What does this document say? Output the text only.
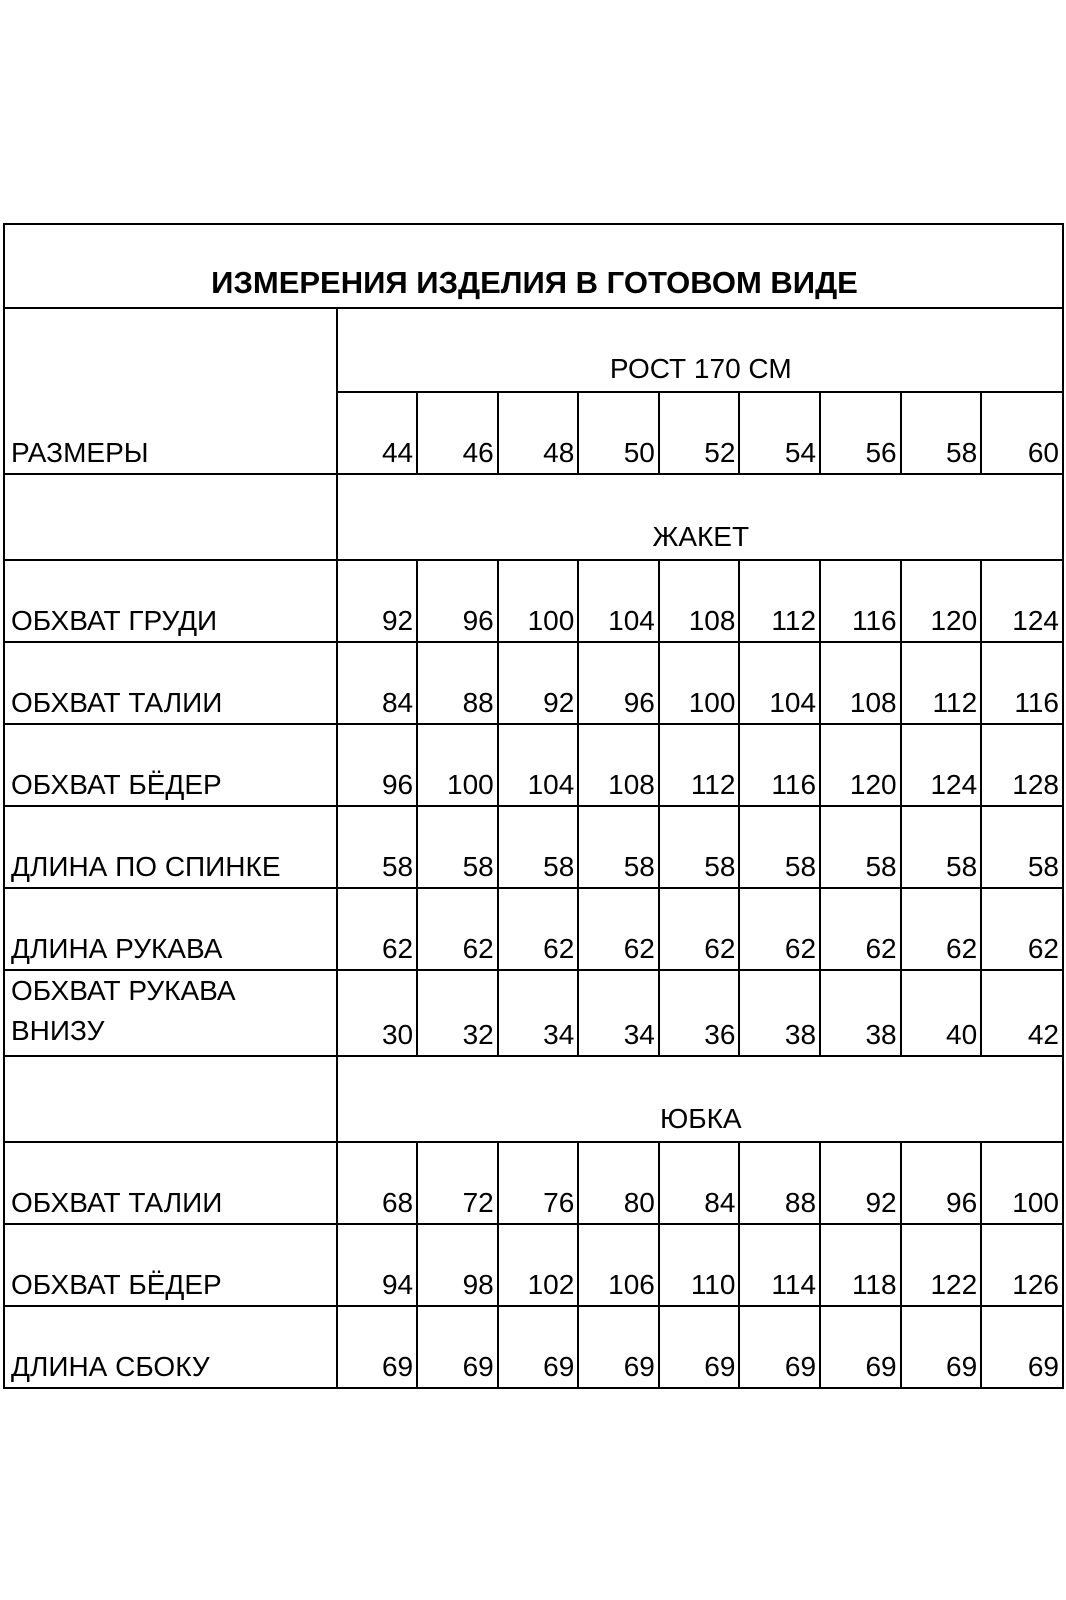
ИЗМЕРЕНИЯ ИЗДЕЛИЯ В ГОТОВОМ ВИДЕ									
РАЗМЕРЫ	РОСТ 170 СМ								
	44	46	48	50	52	54	56	58	60
	ЖАКЕТ								
ОБХВАТ ГРУДИ	92	96	100	104	108	112	116	120	124
ОБХВАТ ТАЛИИ	84	88	92	96	100	104	108	112	116
ОБХВАТ БЁДЕР	96	100	104	108	112	116	120	124	128
ДЛИНА ПО СПИНКЕ	58	58	58	58	58	58	58	58	58
ДЛИНА РУКАВА	62	62	62	62	62	62	62	62	62
ОБХВАТ РУКАВА ВНИЗУ	30	32	34	34	36	38	38	40	42
	ЮБКА								
ОБХВАТ ТАЛИИ	68	72	76	80	84	88	92	96	100
ОБХВАТ БЁДЕР	94	98	102	106	110	114	118	122	126
ДЛИНА СБОКУ	69	69	69	69	69	69	69	69	69
